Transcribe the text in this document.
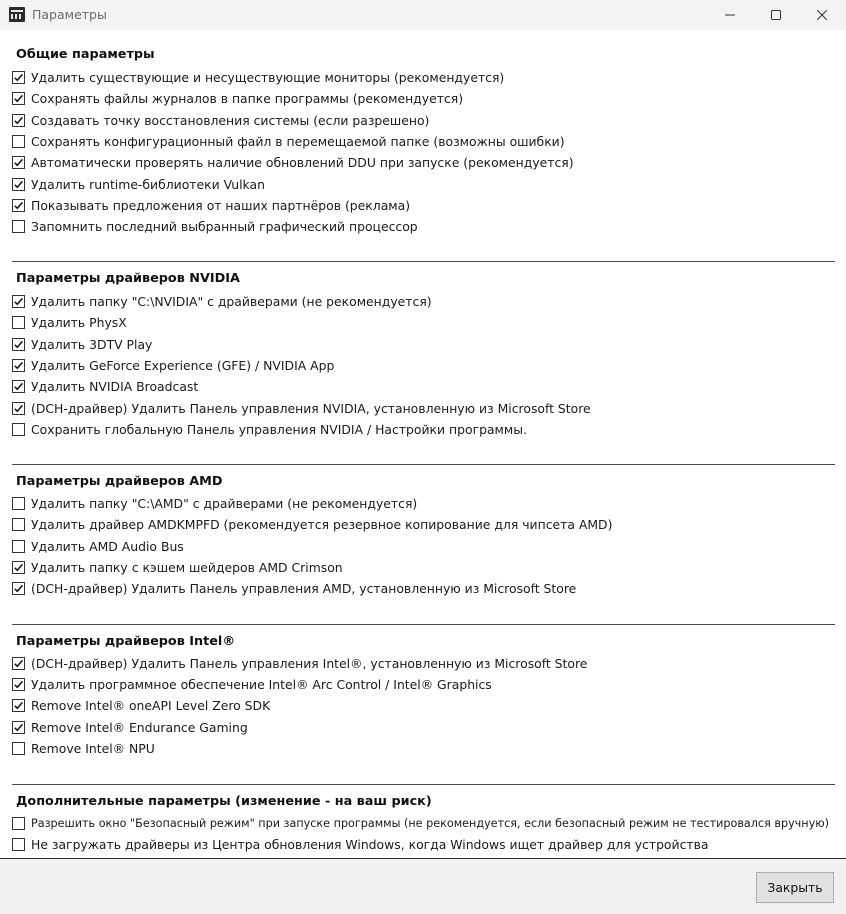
Параметры
Общие параметры
Удалить существующие и несуществующие мониторы (рекомендуется)
Сохранять файлы журналов в папке программы (рекомендуется)
Создавать точку восстановления системы (если разрешено)
Сохранять конфигурационный файл в перемещаемой папке (возможны ошибки)
Автоматически проверять наличие обновлений DDU при запуске (рекомендуется)
Удалить runtime-библиотеки Vulkan
Показывать предложения от наших партнёров (реклама)
Запомнить последний выбранный графический процессор
Параметры драйверов NVIDIA
Удалить папку "C:\NVIDIA" с драйверами (не рекомендуется)
Удалить PhysX
Удалить 3DTV Play
Удалить GeForce Experience (GFE) / NVIDIA App
Удалить NVIDIA Broadcast
(DCH-драйвер) Удалить Панель управления NVIDIA, установленную из Microsoft Store
Сохранить глобальную Панель управления NVIDIA / Настройки программы.
Параметры драйверов AMD
Удалить папку "C:\AMD" с драйверами (не рекомендуется)
Удалить драйвер AMDKMPFD (рекомендуется резервное копирование для чипсета AMD)
Удалить AMD Audio Bus
Удалить папку с кэшем шейдеров AMD Crimson
(DCH-драйвер) Удалить Панель управления AMD, установленную из Microsoft Store
Параметры драйверов Intel®
(DCH-драйвер) Удалить Панель управления Intel®, установленную из Microsoft Store
Удалить программное обеспечение Intel® Arc Control / Intel® Graphics
Remove Intel® oneAPI Level Zero SDK
Remove Intel® Endurance Gaming
Remove Intel® NPU
Дополнительные параметры (изменение - на ваш риск)
Разрешить окно "Безопасный режим" при запуске программы (не рекомендуется, если безопасный режим не тестировался вручную)
Не загружать драйверы из Центра обновления Windows, когда Windows ищет драйвер для устройства
Закрыть
